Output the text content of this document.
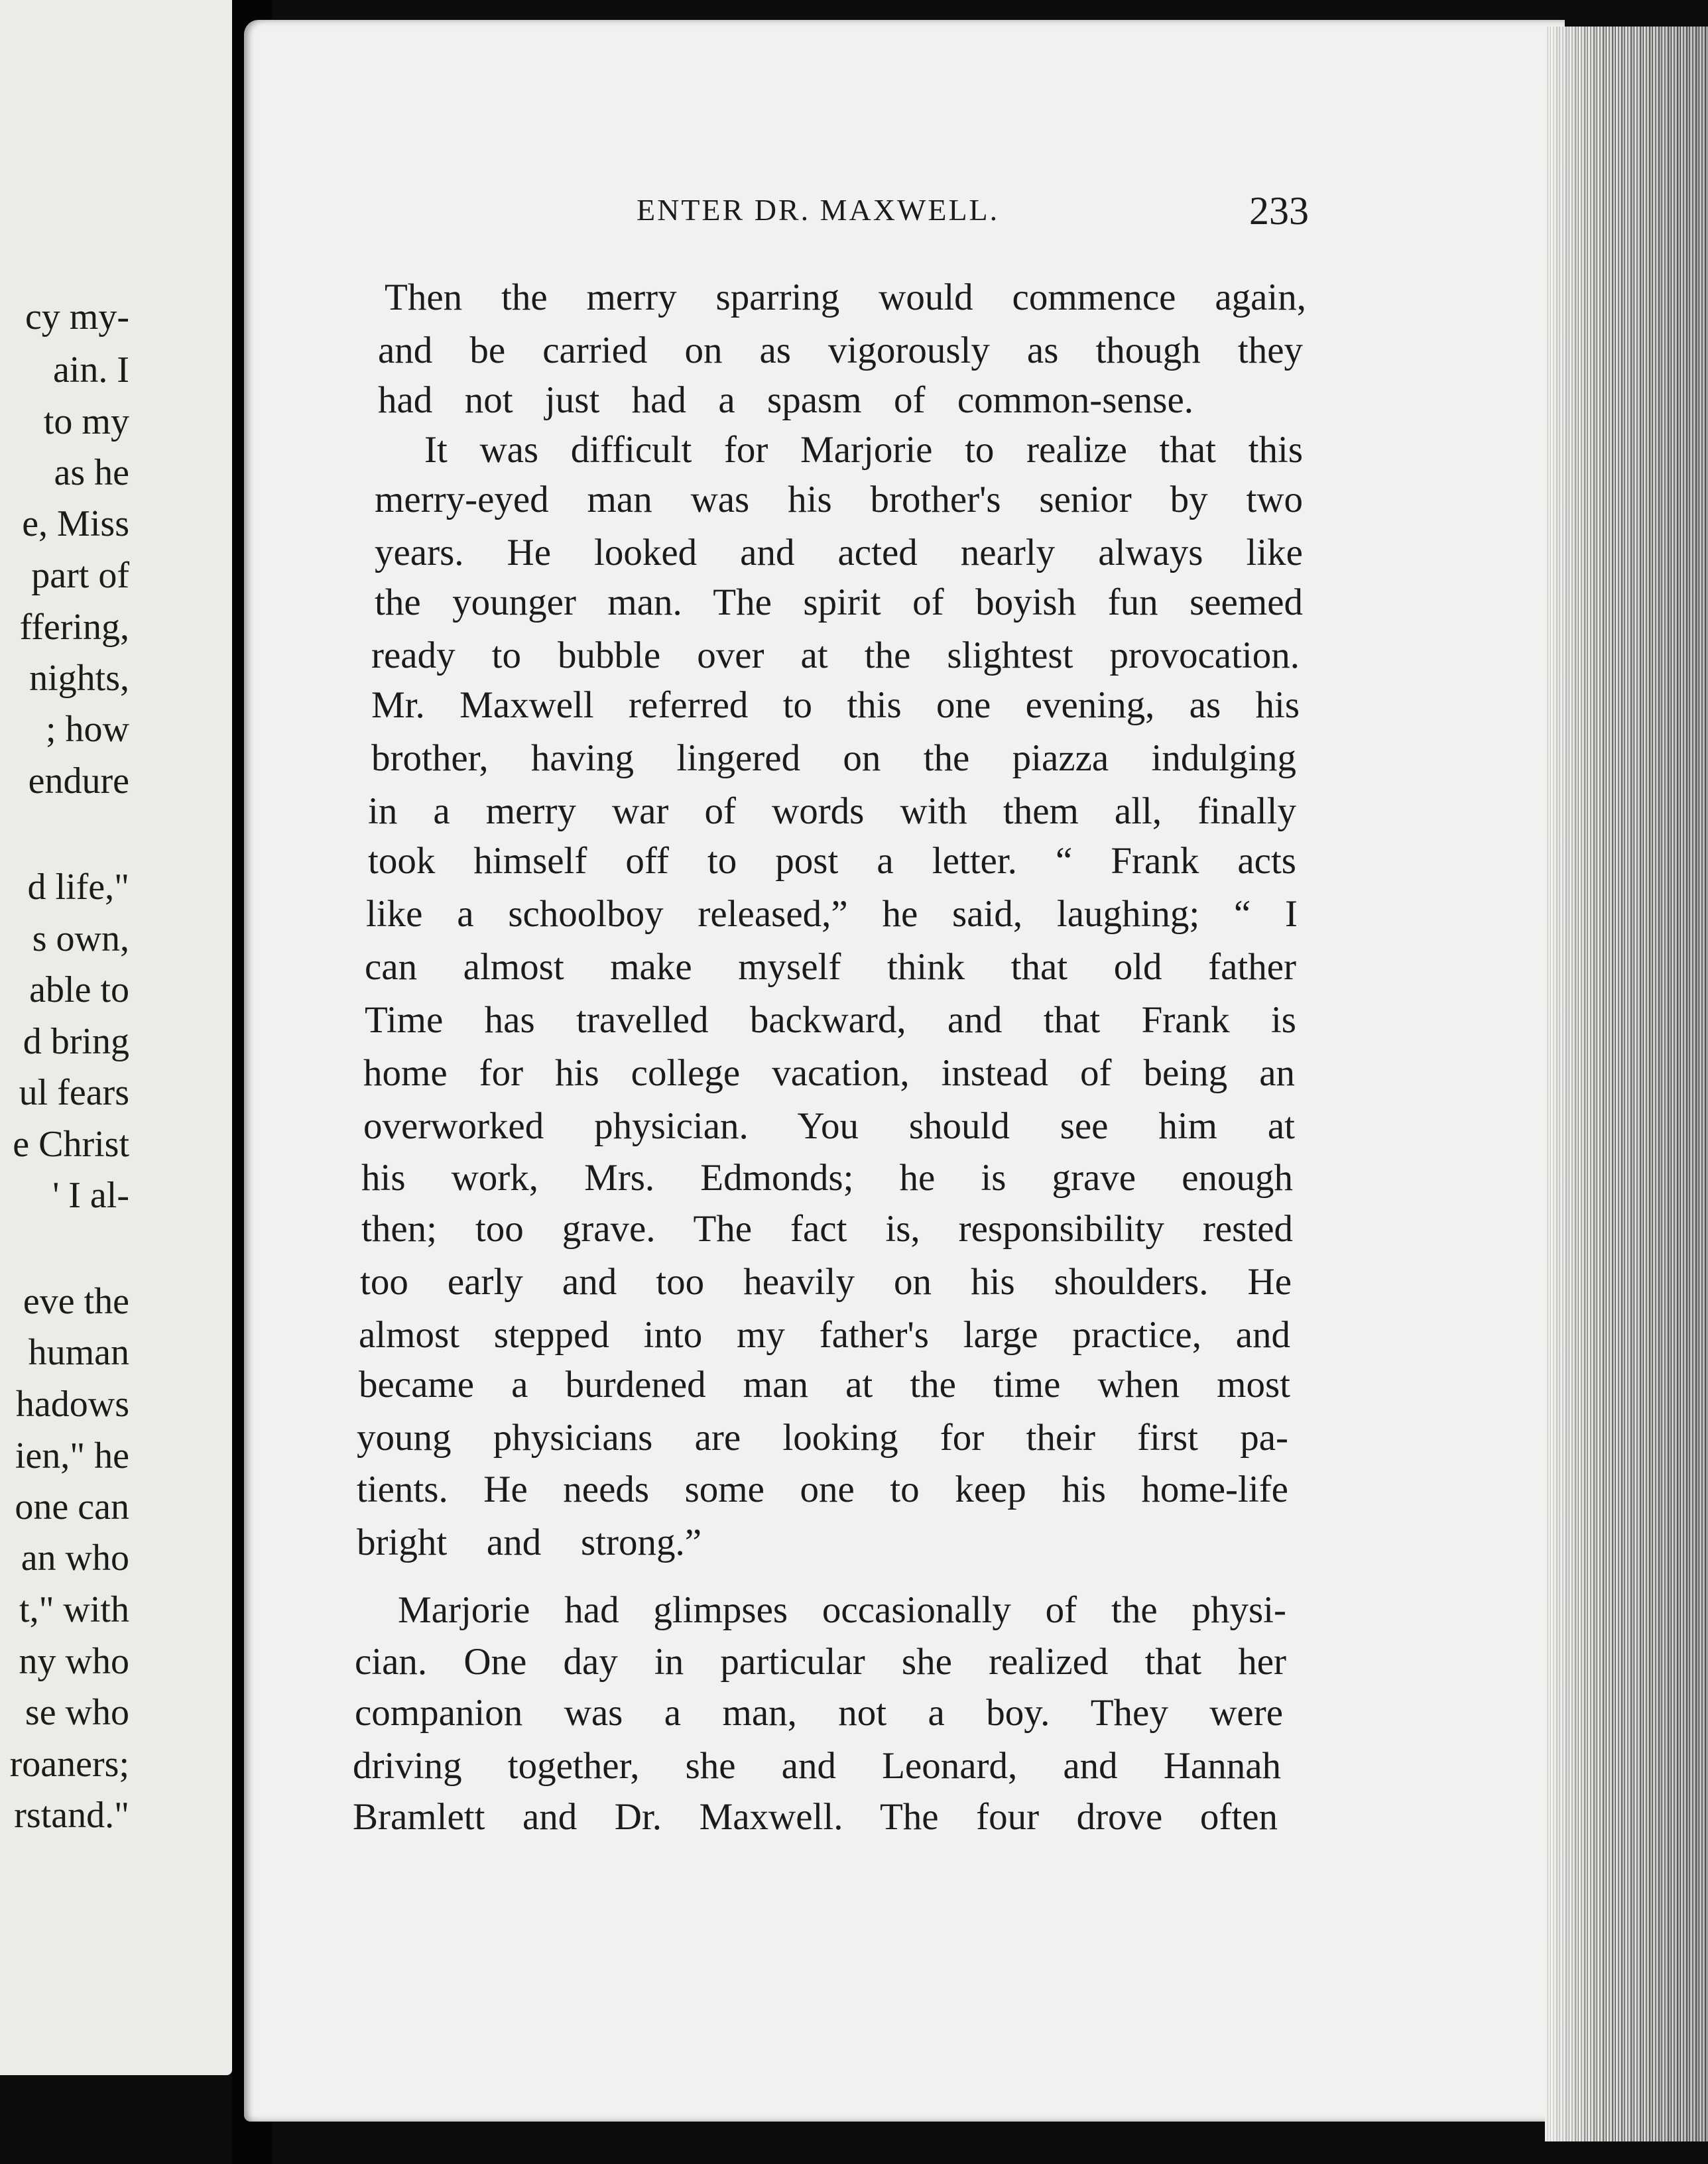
cy my-
ain. I
to my
as he
e, Miss
part of
ffering,
nights,
; how
endure
d life,"
s own,
able to
d bring
ul fears
e Christ
' I al-
eve the
human
hadows
ien," he
one can
an who
t," with
ny who
se who
roaners;
rstand."
ENTER DR. MAXWELL.	233
Then the merry sparring would commence again,
and be carried on as vigorously as though they
had not just had a spasm of common-sense.
It was difficult for Marjorie to realize that this
merry-eyed man was his brother's senior by two
years. He looked and acted nearly always like
the younger man. The spirit of boyish fun seemed
ready to bubble over at the slightest provocation.
Mr. Maxwell referred to this one evening, as his
brother, having lingered on the piazza indulging
in a merry war of words with them all, finally
took himself off to post a letter. “ Frank acts
like a schoolboy released,” he said, laughing; “ I
can almost make myself think that old father
Time has travelled backward, and that Frank is
home for his college vacation, instead of being an
overworked physician. You should see him at
his work, Mrs. Edmonds; he is grave enough
then; too grave. The fact is, responsibility rested
too early and too heavily on his shoulders. He
almost stepped into my father's large practice, and
became a burdened man at the time when most
young physicians are looking for their first pa-
tients. He needs some one to keep his home-life
bright and strong.”
Marjorie had glimpses occasionally of the physi-
cian. One day in particular she realized that her
companion was a man, not a boy. They were
driving together, she and Leonard, and Hannah
Bramlett and Dr. Maxwell. The four drove often
